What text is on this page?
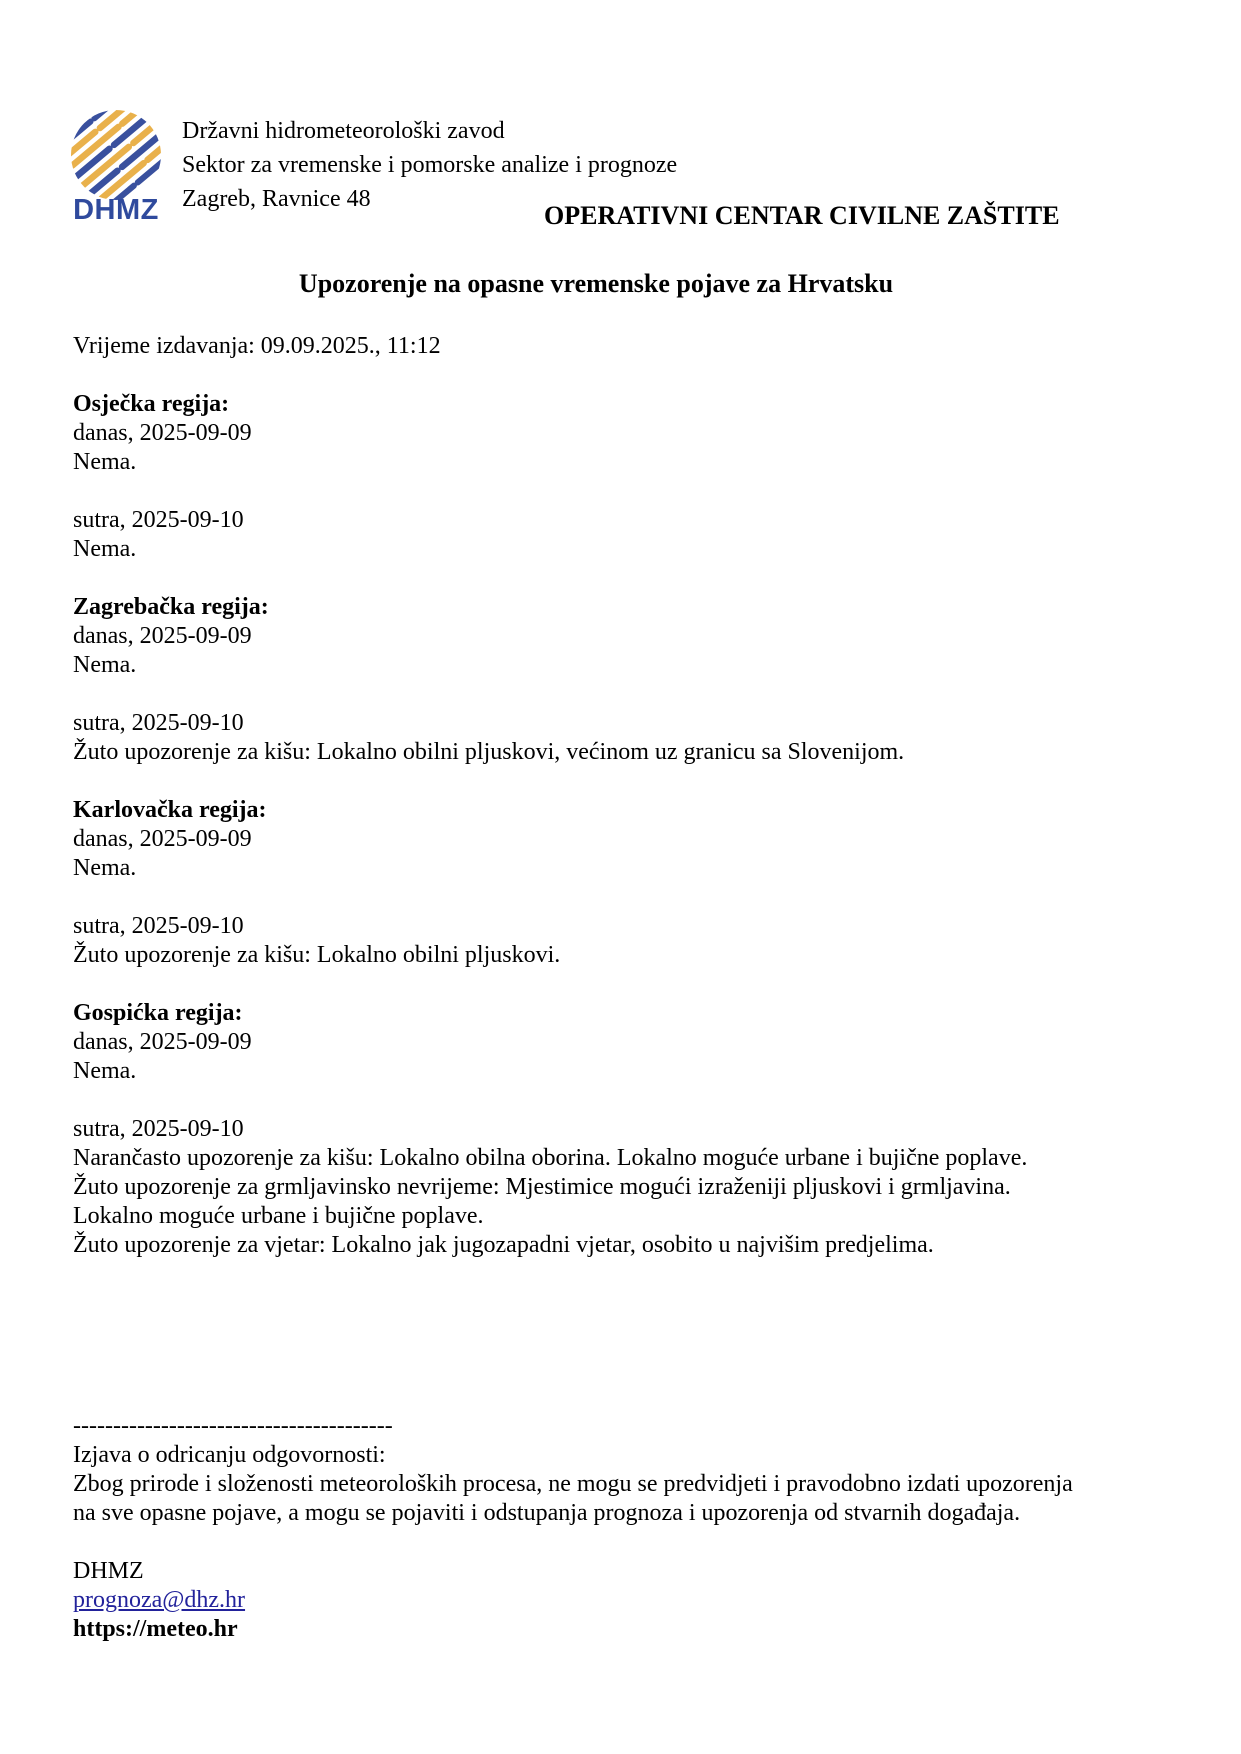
DHMZ
Državni hidrometeorološki zavod
Sektor za vremenske i pomorske analize i prognoze
Zagreb, Ravnice 48
OPERATIVNI CENTAR CIVILNE ZAŠTITE
Upozorenje na opasne vremenske pojave za Hrvatsku
Vrijeme izdavanja: 09.09.2025., 11:12
Osječka regija:
danas, 2025-09-09
Nema.
sutra, 2025-09-10
Nema.
Zagrebačka regija:
danas, 2025-09-09
Nema.
sutra, 2025-09-10
Žuto upozorenje za kišu: Lokalno obilni pljuskovi, većinom uz granicu sa Slovenijom.
Karlovačka regija:
danas, 2025-09-09
Nema.
sutra, 2025-09-10
Žuto upozorenje za kišu: Lokalno obilni pljuskovi.
Gospićka regija:
danas, 2025-09-09
Nema.
sutra, 2025-09-10
Narančasto upozorenje za kišu: Lokalno obilna oborina. Lokalno moguće urbane i bujične poplave.
Žuto upozorenje za grmljavinsko nevrijeme: Mjestimice mogući izraženiji pljuskovi i grmljavina.
Lokalno moguće urbane i bujične poplave.
Žuto upozorenje za vjetar: Lokalno jak jugozapadni vjetar, osobito u najvišim predjelima.
----------------------------------------
Izjava o odricanju odgovornosti:
Zbog prirode i složenosti meteoroloških procesa, ne mogu se predvidjeti i pravodobno izdati upozorenja
na sve opasne pojave, a mogu se pojaviti i odstupanja prognoza i upozorenja od stvarnih događaja.
DHMZ
prognoza@dhz.hr
https://meteo.hr
